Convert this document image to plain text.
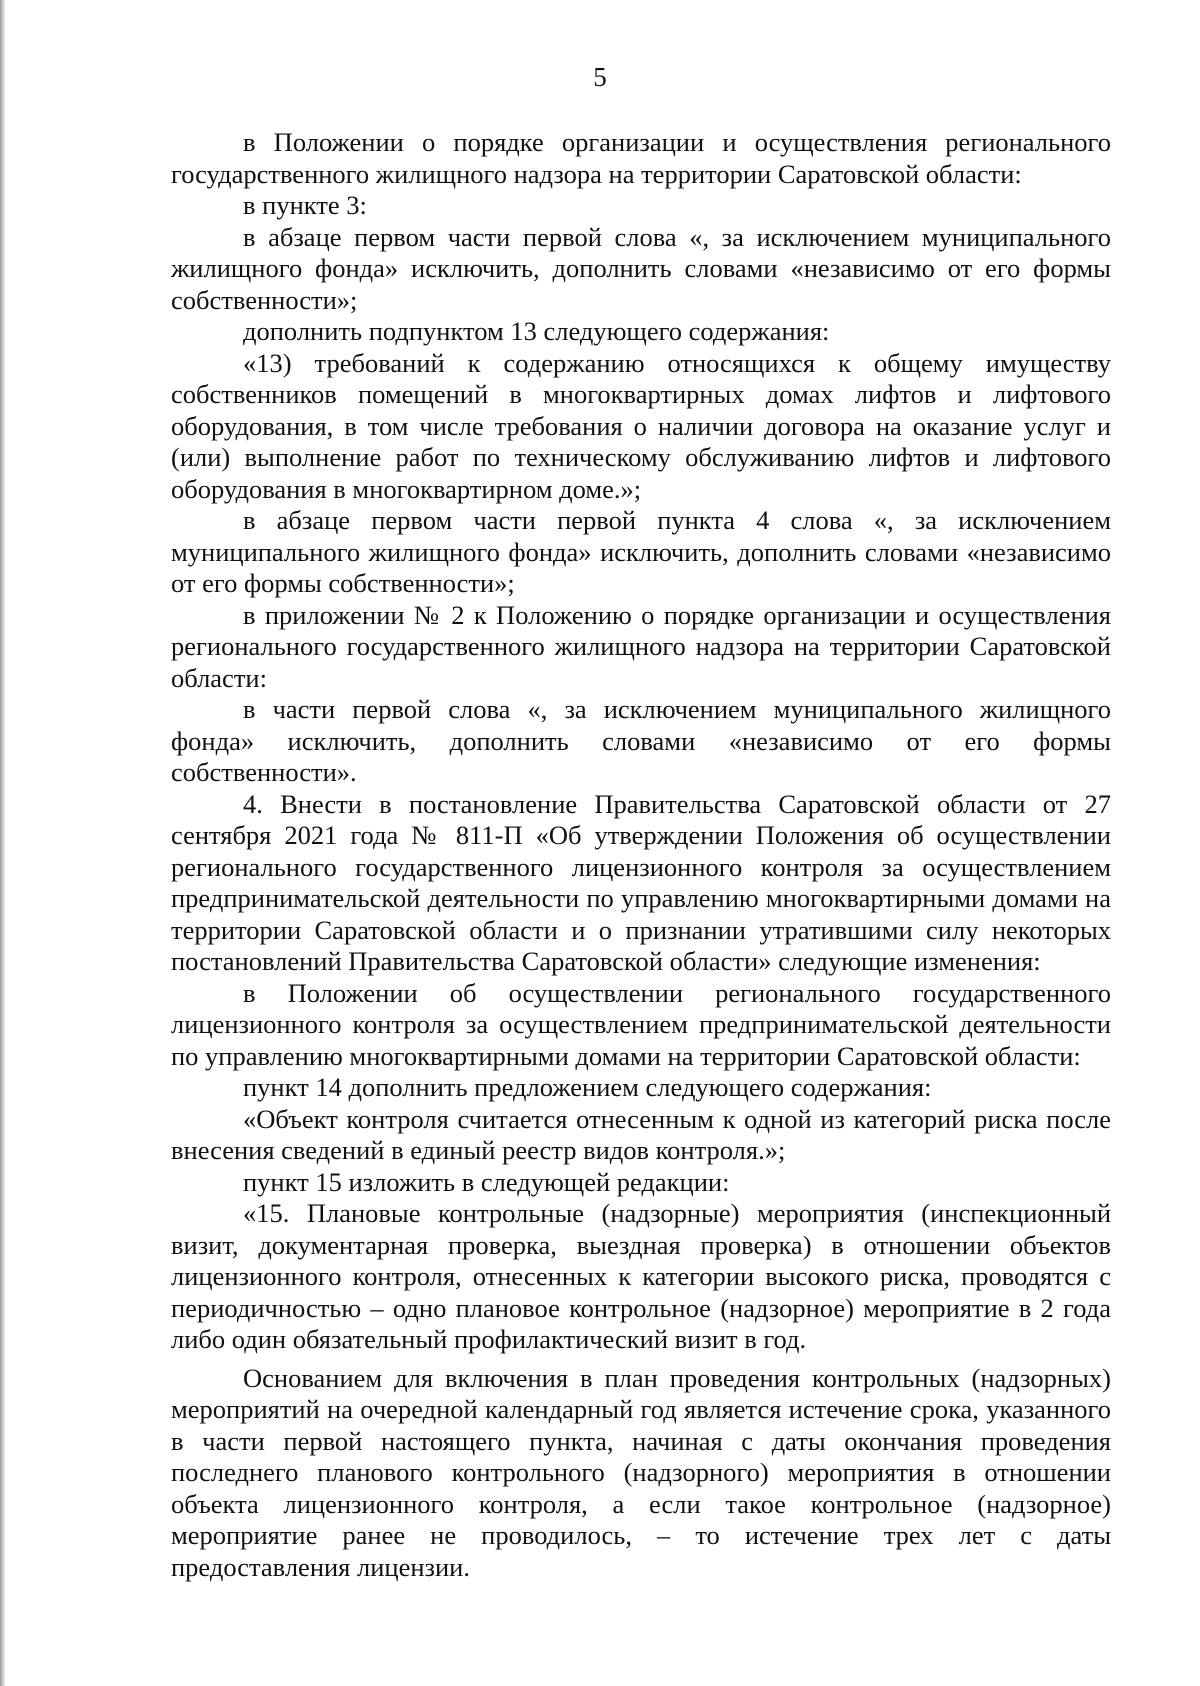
5

в Положении о порядке организации и осуществления регионального государственного жилищного надзора на территории Саратовской области:

в пункте 3:

в абзаце первом части первой слова «, за исключением муниципального жилищного фонда» исключить, дополнить словами «независимо от его формы собственности»;

дополнить подпунктом 13 следующего содержания:

«13) требований к содержанию относящихся к общему имуществу собственников помещений в многоквартирных домах лифтов и лифтового оборудования, в том числе требования о наличии договора на оказание услуг и (или) выполнение работ по техническому обслуживанию лифтов и лифтового оборудования в многоквартирном доме.»;

в абзаце первом части первой пункта 4 слова «, за исключением муниципального жилищного фонда» исключить, дополнить словами «независимо от его формы собственности»;

в приложении № 2 к Положению о порядке организации и осуществления регионального государственного жилищного надзора на территории Саратовской области:

в части первой слова «, за исключением муниципального жилищного фонда» исключить, дополнить словами «независимо от его формы собственности».

4. Внести в постановление Правительства Саратовской области от 27 сентября 2021 года № 811-П «Об утверждении Положения об осуществлении регионального государственного лицензионного контроля за осуществлением предпринимательской деятельности по управлению многоквартирными домами на территории Саратовской области и о признании утратившими силу некоторых постановлений Правительства Саратовской области» следующие изменения:

в Положении об осуществлении регионального государственного лицензионного контроля за осуществлением предпринимательской деятельности по управлению многоквартирными домами на территории Саратовской области:

пункт 14 дополнить предложением следующего содержания:

«Объект контроля считается отнесенным к одной из категорий риска после внесения сведений в единый реестр видов контроля.»;

пункт 15 изложить в следующей редакции:

«15. Плановые контрольные (надзорные) мероприятия (инспекционный визит, документарная проверка, выездная проверка) в отношении объектов лицензионного контроля, отнесенных к категории высокого риска, проводятся с периодичностью – одно плановое контрольное (надзорное) мероприятие в 2 года либо один обязательный профилактический визит в год.

Основанием для включения в план проведения контрольных (надзорных) мероприятий на очередной календарный год является истечение срока, указанного в части первой настоящего пункта, начиная с даты окончания проведения последнего планового контрольного (надзорного) мероприятия в отношении объекта лицензионного контроля, а если такое контрольное (надзорное) мероприятие ранее не проводилось, – то истечение трех лет с даты предоставления лицензии.
